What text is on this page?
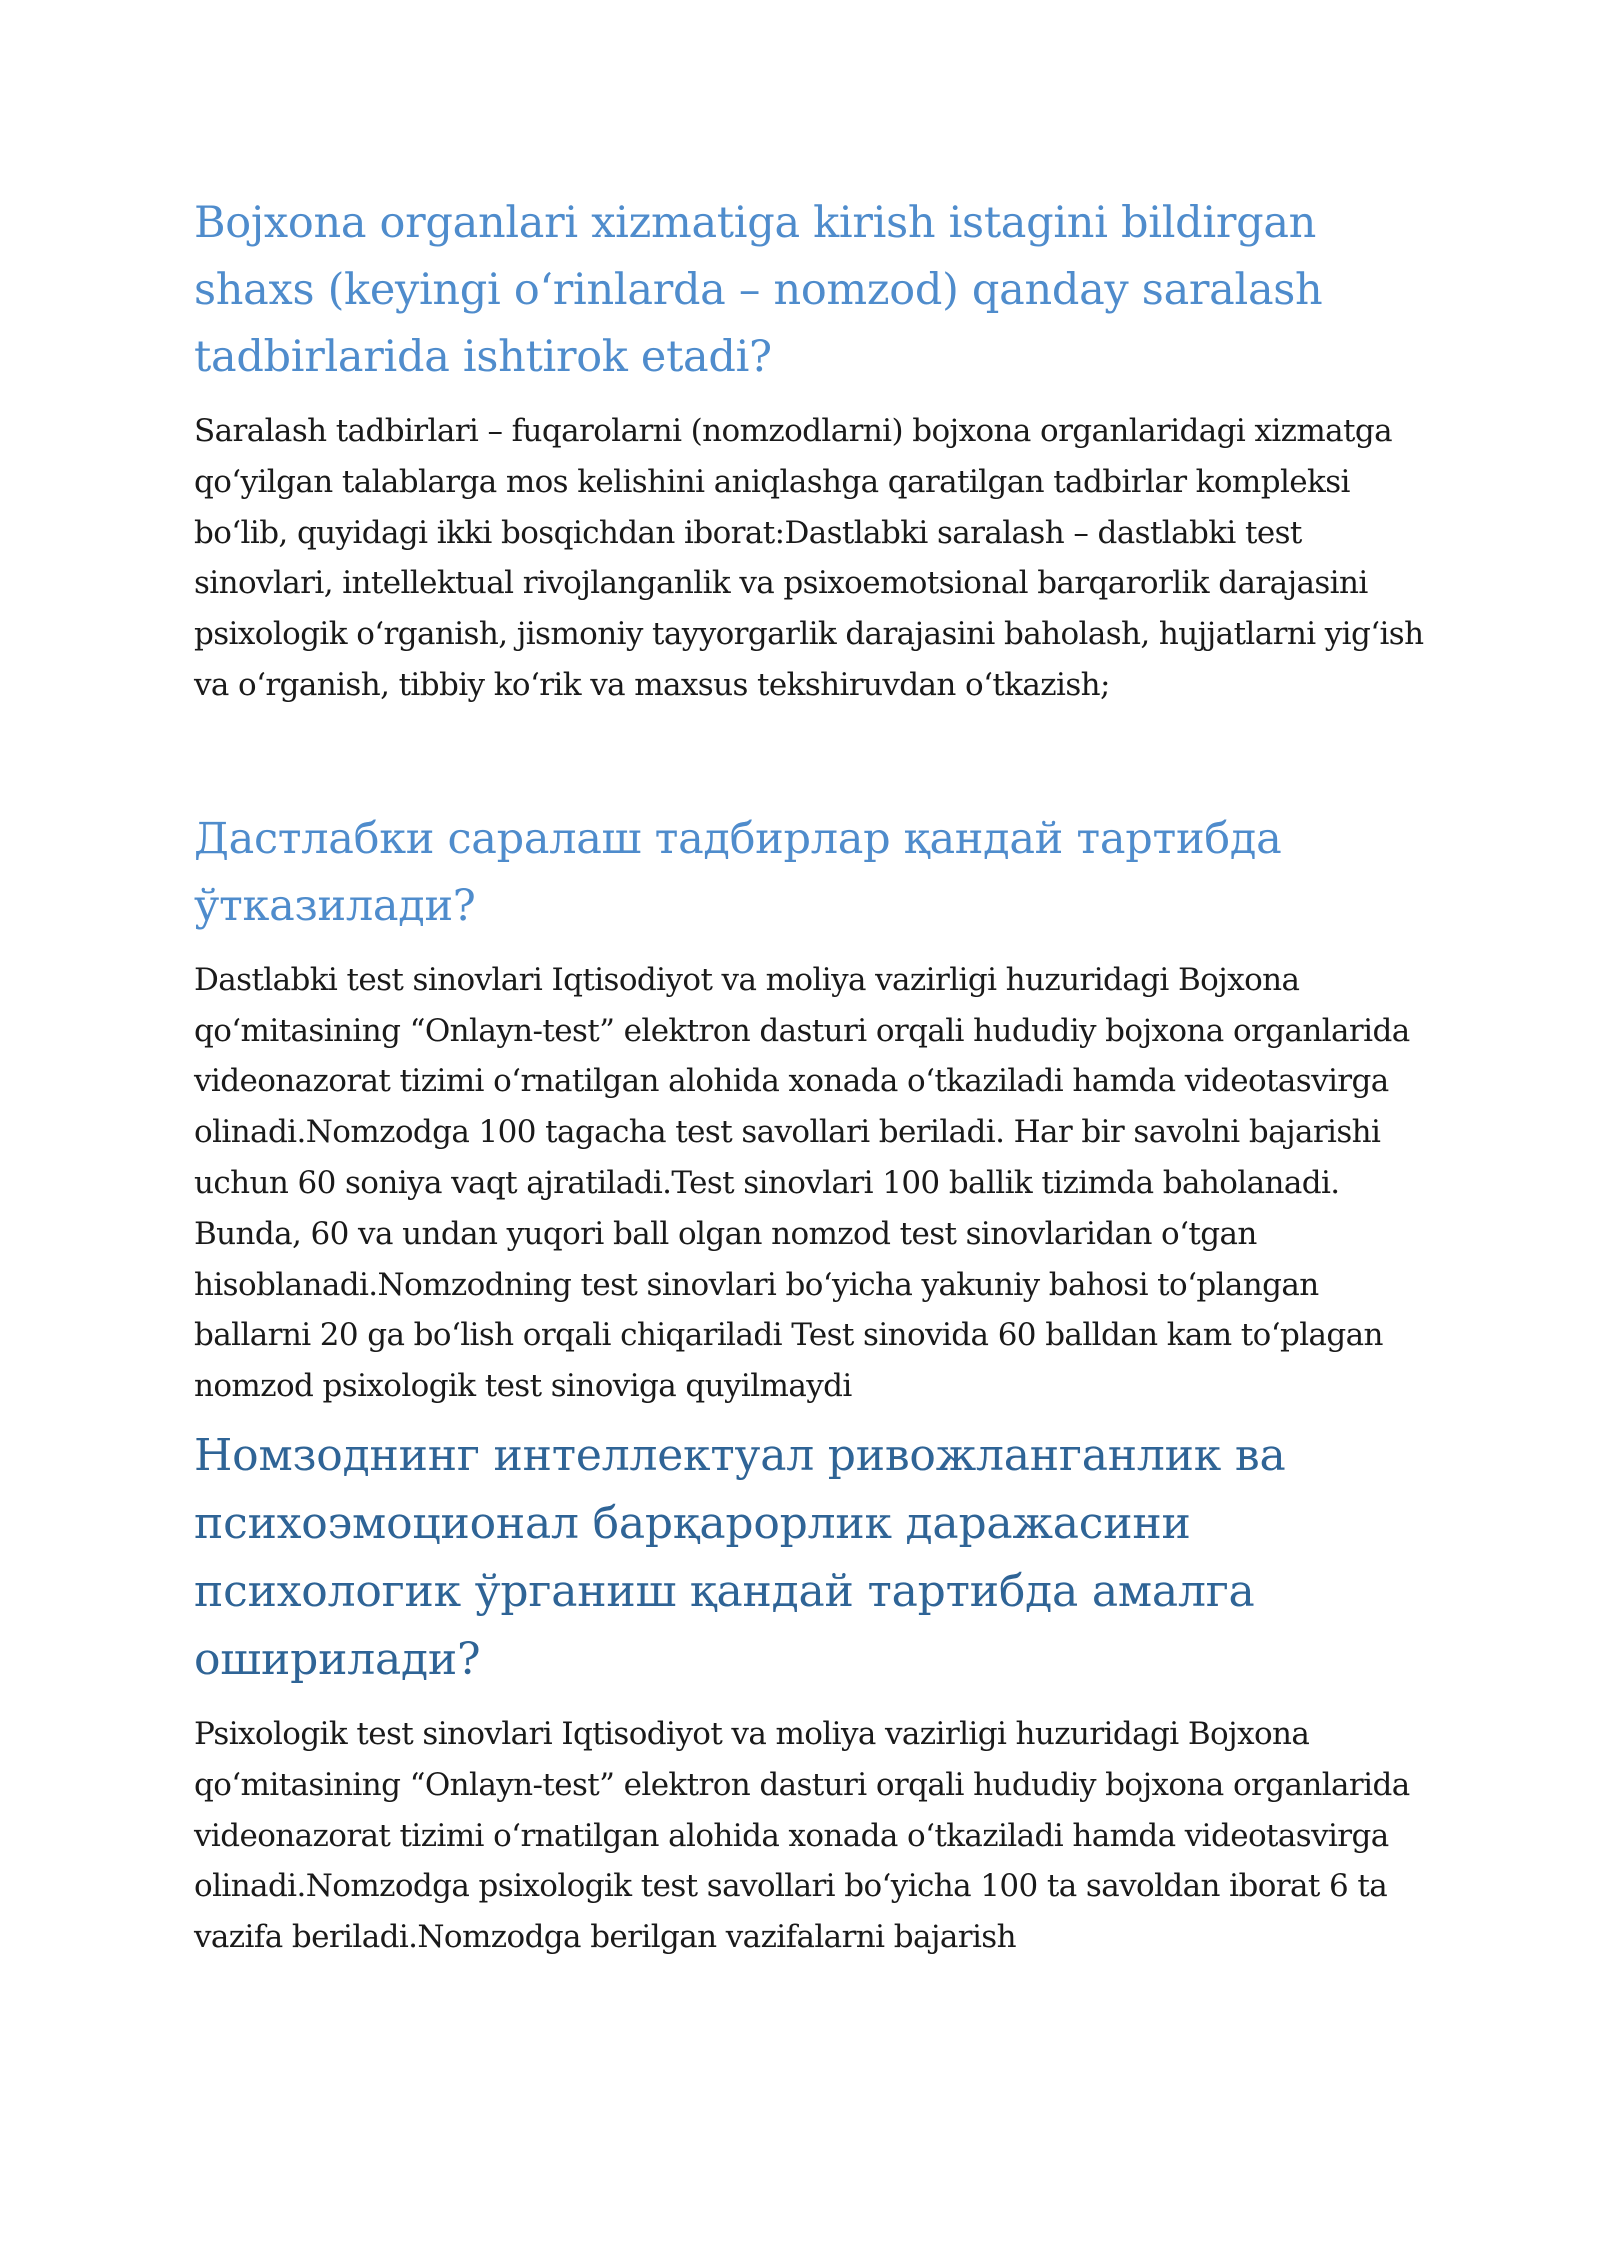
Bojxona organlari xizmatiga kirish istagini bildirgan shaxs (keyingi o‘rinlarda – nomzod) qanday saralash tadbirlarida ishtirok etadi?

Saralash tadbirlari – fuqarolarni (nomzodlarni) bojxona organlaridagi xizmatga qo‘yilgan talablarga mos kelishini aniqlashga qaratilgan tadbirlar kompleksi bo‘lib, quyidagi ikki bosqichdan iborat:Dastlabki saralash – dastlabki test sinovlari, intellektual rivojlanganlik va psixoemotsional barqarorlik darajasini psixologik o‘rganish, jismoniy tayyorgarlik darajasini baholash, hujjatlarni yig‘ish va o‘rganish, tibbiy ko‘rik va maxsus tekshiruvdan o‘tkazish;

Дастлабки саралаш тадбирлар қандай тартибда ўтказилади?

Dastlabki test sinovlari Iqtisodiyot va moliya vazirligi huzuridagi Bojxona qo‘mitasining “Onlayn-test” elektron dasturi orqali hududiy bojxona organlarida videonazorat tizimi o‘rnatilgan alohida xonada o‘tkaziladi hamda videotasvirga olinadi.Nomzodga 100 tagacha test savollari beriladi. Har bir savolni bajarishi uchun 60 soniya vaqt ajratiladi.Test sinovlari 100 ballik tizimda baholanadi. Bunda, 60 va undan yuqori ball olgan nomzod test sinovlaridan o‘tgan hisoblanadi.Nomzodning test sinovlari bo‘yicha yakuniy bahosi to‘plangan ballarni 20 ga bo‘lish orqali chiqariladi Test sinovida 60 balldan kam to‘plagan nomzod psixologik test sinoviga quyilmaydi

Номзоднинг интеллектуал ривожланганлик ва психоэмоционал барқарорлик даражасини психологик ўрганиш қандай тартибда амалга оширилади?

Psixologik test sinovlari Iqtisodiyot va moliya vazirligi huzuridagi Bojxona qo‘mitasining “Onlayn-test” elektron dasturi orqali hududiy bojxona organlarida videonazorat tizimi o‘rnatilgan alohida xonada o‘tkaziladi hamda videotasvirga olinadi.Nomzodga psixologik test savollari bo‘yicha 100 ta savoldan iborat 6 ta vazifa beriladi.Nomzodga berilgan vazifalarni bajarish
